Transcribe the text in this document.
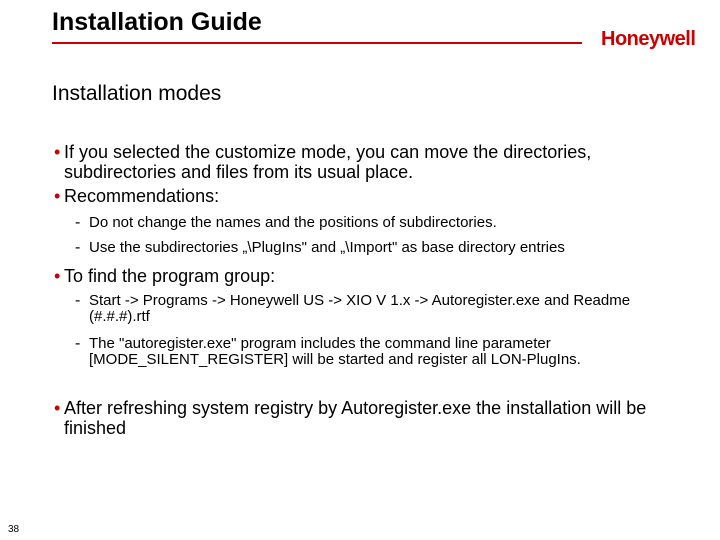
Installation Guide
Honeywell
Installation modes
• If you selected the customize mode, you can move the directories, subdirectories and files from its usual place.
• Recommendations:
- Do not change the names and the positions of subdirectories.
- Use the subdirectories „\PlugIns" and „\Import" as base directory entries
• To find the program group:
- Start -> Programs -> Honeywell US -> XIO V 1.x -> Autoregister.exe and Readme (#.#.#).rtf
- The "autoregister.exe" program includes the command line parameter [MODE_SILENT_REGISTER] will be started and register all LON-PlugIns.
• After refreshing system registry by Autoregister.exe the installation will be finished
38
